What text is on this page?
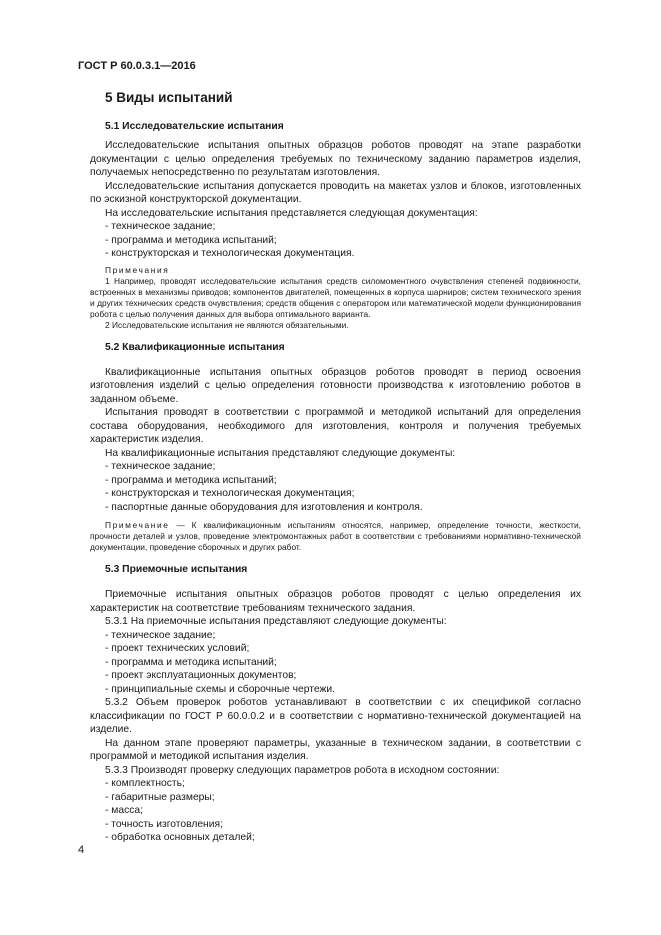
ГОСТ Р 60.0.3.1—2016
5 Виды испытаний
5.1 Исследовательские испытания

Исследовательские испытания опытных образцов роботов проводят на этапе разработки документации с целью определения требуемых по техническому заданию параметров изделия, получаемых непосредственно по результатам изготовления.

Исследовательские испытания допускается проводить на макетах узлов и блоков, изготовленных по эскизной конструкторской документации.

На исследовательские испытания представляется следующая документация:

- техническое задание;
- программа и методика испытаний;
- конструкторская и технологическая документация.
Примечания

1 Например, проводят исследовательские испытания средств силомоментного очувствления степеней подвижности, встроенных в механизмы приводов; компонентов двигателей, помещенных в корпуса шарниров; систем технического зрения и других технических средств очувствления; средств общения с оператором или математической модели функционирования робота с целью получения данных для выбора оптимального варианта.

2 Исследовательские испытания не являются обязательными.

5.2 Квалификационные испытания

Квалификационные испытания опытных образцов роботов проводят в период освоения изготовления изделий с целью определения готовности производства к изготовлению роботов в заданном объеме.

Испытания проводят в соответствии с программой и методикой испытаний для определения состава оборудования, необходимого для изготовления, контроля и получения требуемых характеристик изделия.

На квалификационные испытания представляют следующие документы:

- техническое задание;
- программа и методика испытаний;
- конструкторская и технологическая документация;
- паспортные данные оборудования для изготовления и контроля.

Примечание — К квалификационным испытаниям относятся, например, определение точности, жесткости, прочности деталей и узлов, проведение электромонтажных работ в соответствии с требованиями нормативно-технической документации, проведение сборочных и других работ.

5.3 Приемочные испытания

Приемочные испытания опытных образцов роботов проводят с целью определения их характеристик на соответствие требованиям технического задания.

5.3.1 На приемочные испытания представляют следующие документы:

- техническое задание;
- проект технических условий;
- программа и методика испытаний;
- проект эксплуатационных документов;
- принципиальные схемы и сборочные чертежи.

5.3.2 Объем проверок роботов устанавливают в соответствии с их спецификой согласно классификации по ГОСТ Р 60.0.0.2 и в соответствии с нормативно-технической документацией на изделие.

На данном этапе проверяют параметры, указанные в техническом задании, в соответствии с программой и методикой испытания изделия.

5.3.3 Производят проверку следующих параметров робота в исходном состоянии:

- комплектность;
- габаритные размеры;
- масса;
- точность изготовления;
- обработка основных деталей;
4
